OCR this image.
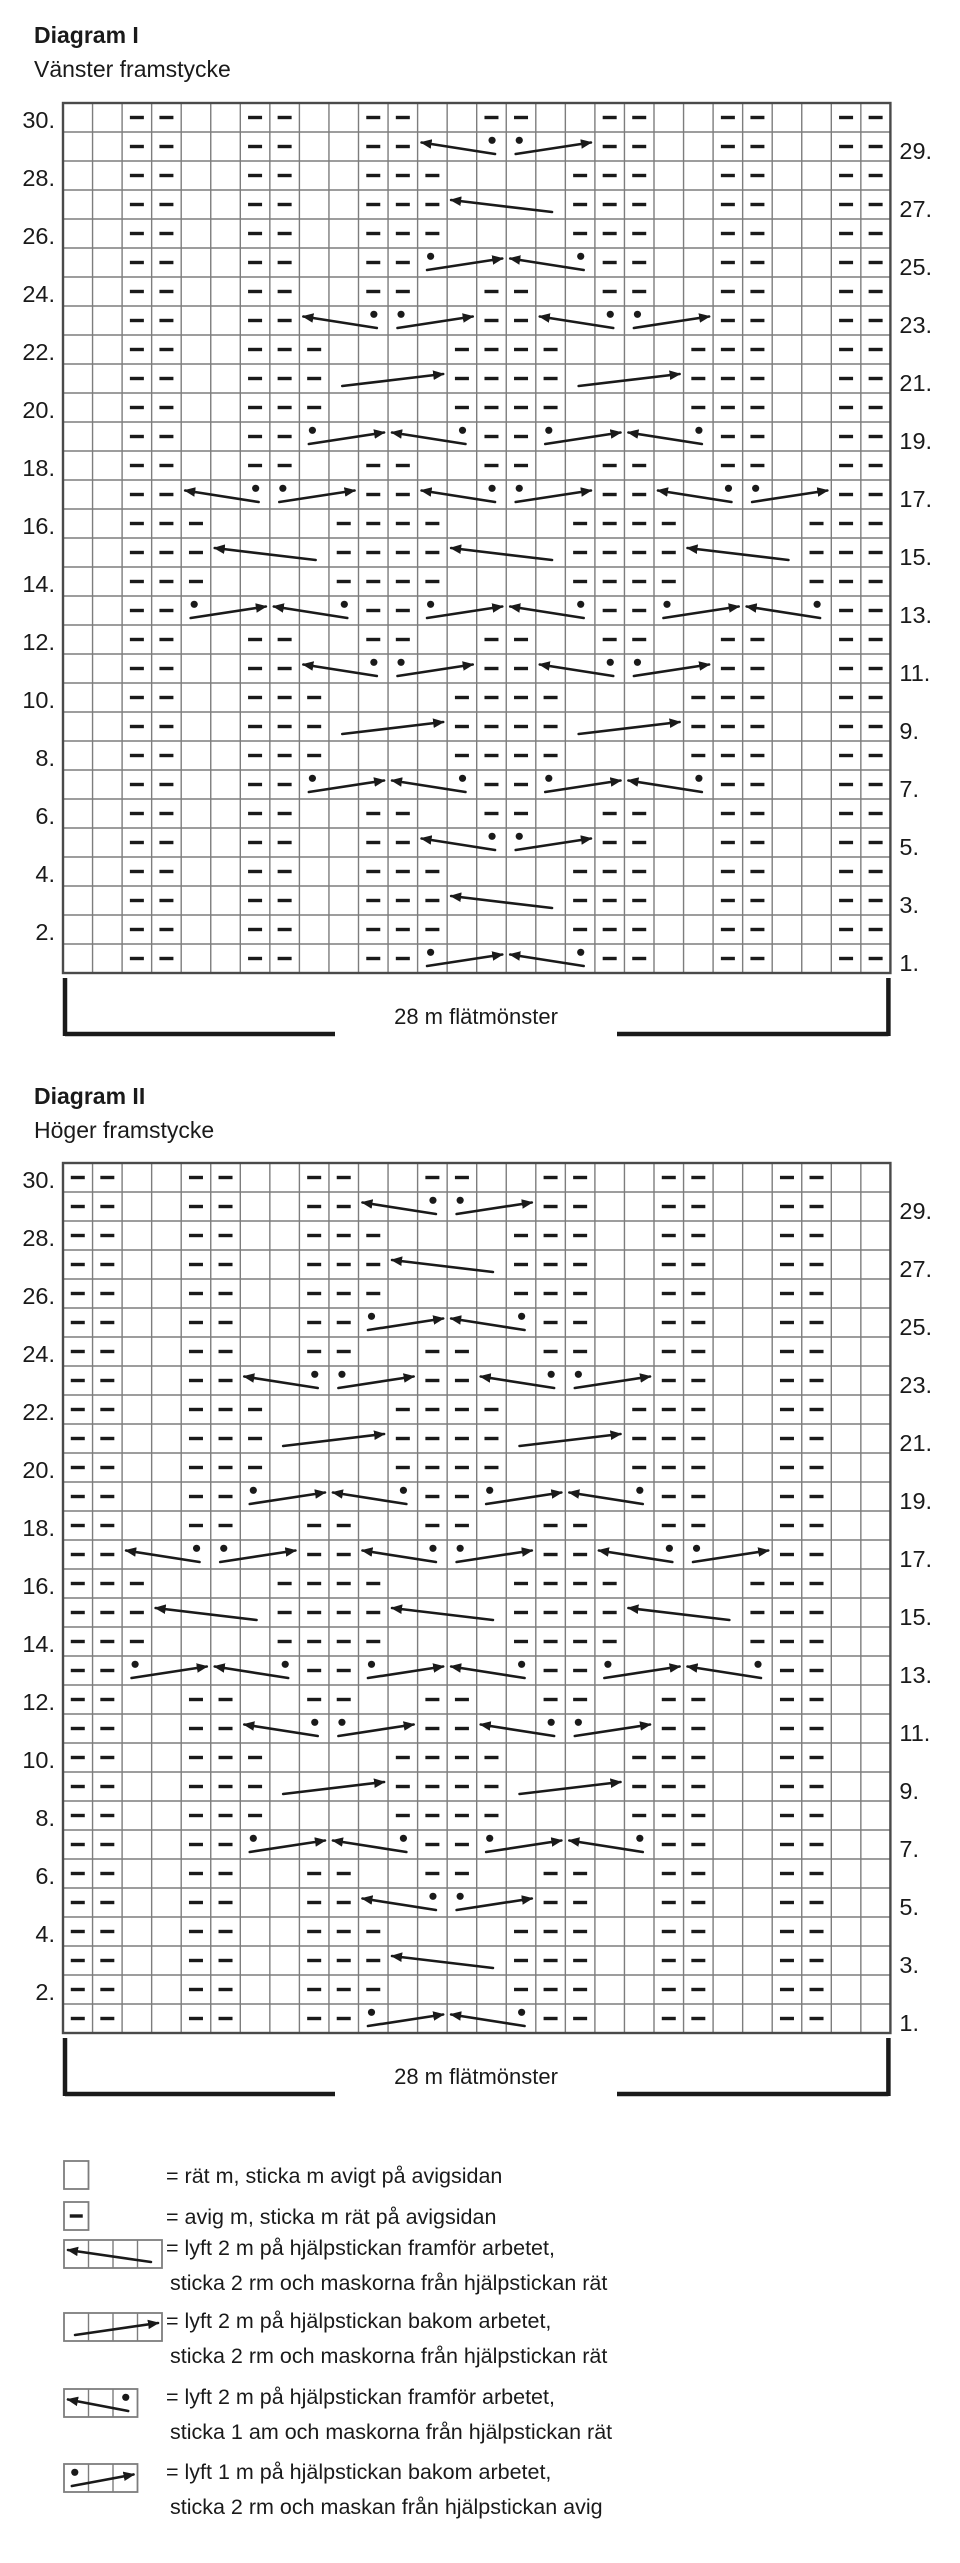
30.
29.
28.
27.
26.
25.
24.
23.
22.
21.
20.
19.
18.
17.
16.
15.
14.
13.
12.
11.
10.
9.
8.
7.
6.
5.
4.
3.
2.
1.
30.
29.
28.
27.
26.
25.
24.
23.
22.
21.
20.
19.
18.
17.
16.
15.
14.
13.
12.
11.
10.
9.
8.
7.
6.
5.
4.
3.
2.
1.
Diagram I
Vänster framstycke
28 m flätmönster
Diagram II
Höger framstycke
28 m flätmönster
= rät m, sticka m avigt på avigsidan
= avig m, sticka m rät på avigsidan
= lyft 2 m på hjälpstickan framför arbetet,
sticka 2 rm och maskorna från hjälpstickan rät
= lyft 2 m på hjälpstickan bakom arbetet,
sticka 2 rm och maskorna från hjälpstickan rät
= lyft 2 m på hjälpstickan framför arbetet,
sticka 1 am och maskorna från hjälpstickan rät
= lyft 1 m på hjälpstickan bakom arbetet,
sticka 2 rm och maskan från hjälpstickan avig
